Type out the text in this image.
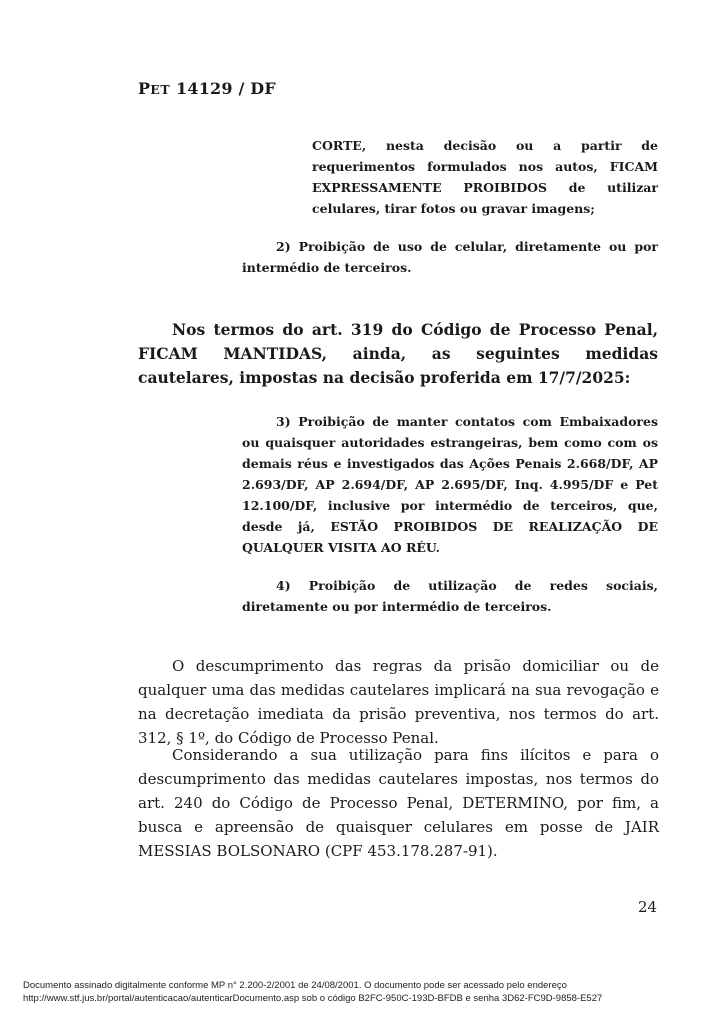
PET 14129 / DF
CORTE, nesta decisão ou a partir de requerimentos formulados nos autos, FICAM EXPRESSAMENTE PROIBIDOS de utilizar celulares, tirar fotos ou gravar imagens;

2) Proibição de uso de celular, diretamente ou por intermédio de terceiros.

Nos termos do art. 319 do Código de Processo Penal, FICAM MANTIDAS, ainda, as seguintes medidas cautelares, impostas na decisão proferida em 17/7/2025:

3) Proibição de manter contatos com Embaixadores ou quaisquer autoridades estrangeiras, bem como com os demais réus e investigados das Ações Penais 2.668/DF, AP 2.693/DF, AP 2.694/DF, AP 2.695/DF, Inq. 4.995/DF e Pet 12.100/DF, inclusive por intermédio de terceiros, que, desde já, ESTÃO PROIBIDOS DE REALIZAÇÃO DE QUALQUER VISITA AO RÉU.

4) Proibição de utilização de redes sociais, diretamente ou por intermédio de terceiros.

O descumprimento das regras da prisão domiciliar ou de qualquer uma das medidas cautelares implicará na sua revogação e na decretação imediata da prisão preventiva, nos termos do art. 312, § 1º, do Código de Processo Penal.

Considerando a sua utilização para fins ilícitos e para o descumprimento das medidas cautelares impostas, nos termos do art. 240 do Código de Processo Penal, DETERMINO, por fim, a busca e apreensão de quaisquer celulares em posse de JAIR MESSIAS BOLSONARO (CPF 453.178.287-91).

24
Documento assinado digitalmente conforme MP n° 2.200-2/2001 de 24/08/2001. O documento pode ser acessado pelo endereço
http://www.stf.jus.br/portal/autenticacao/autenticarDocumento.asp sob o código B2FC-950C-193D-BFDB e senha 3D62-FC9D-9858-E527
